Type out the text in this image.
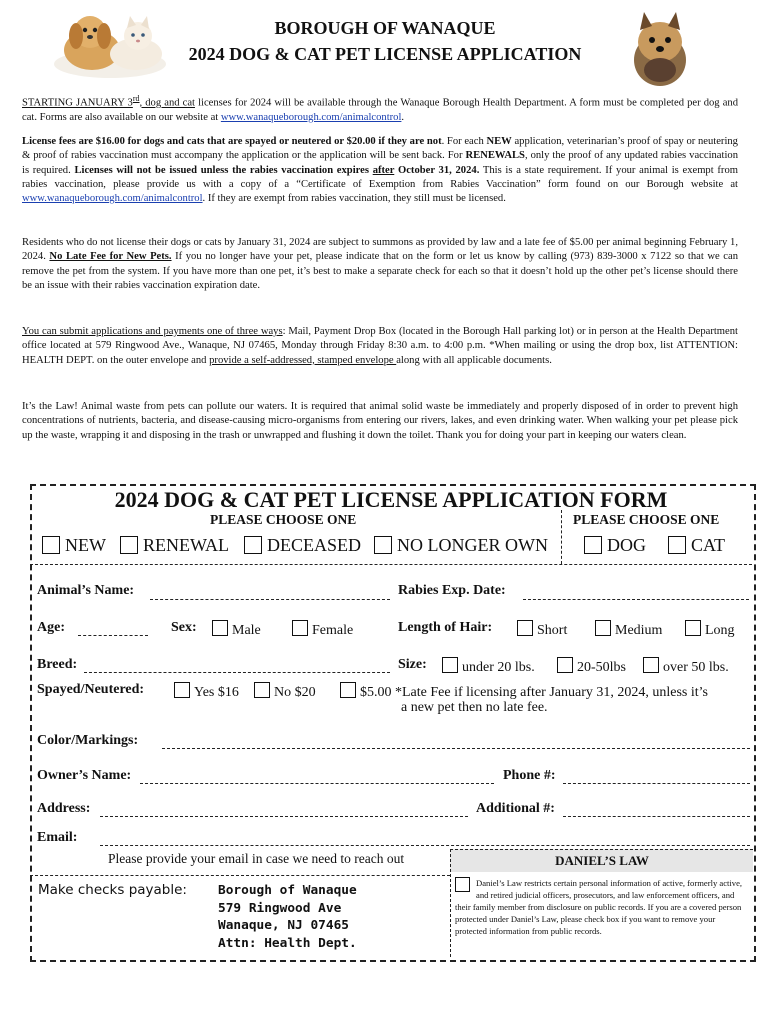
BOROUGH OF WANAQUE
2024 DOG & CAT PET LICENSE APPLICATION
STARTING JANUARY 3rd, dog and cat licenses for 2024 will be available through the Wanaque Borough Health Department. A form must be completed per dog and cat. Forms are also available on our website at www.wanaqueborough.com/animalcontrol.
License fees are $16.00 for dogs and cats that are spayed or neutered or $20.00 if they are not. For each NEW application, veterinarian’s proof of spay or neutering & proof of rabies vaccination must accompany the application or the application will be sent back. For RENEWALS, only the proof of any updated rabies vaccination is required. Licenses will not be issued unless the rabies vaccination expires after October 31, 2024. This is a state requirement. If your animal is exempt from rabies vaccination, please provide us with a copy of a “Certificate of Exemption from Rabies Vaccination” form found on our Borough website at www.wanaqueborough.com/animalcontrol. If they are exempt from rabies vaccination, they still must be licensed.
Residents who do not license their dogs or cats by January 31, 2024 are subject to summons as provided by law and a late fee of $5.00 per animal beginning February 1, 2024. No Late Fee for New Pets. If you no longer have your pet, please indicate that on the form or let us know by calling (973) 839-3000 x 7122 so that we can remove the pet from the system. If you have more than one pet, it’s best to make a separate check for each so that it doesn’t hold up the other pet’s license should there be an issue with their rabies vaccination expiration date.
You can submit applications and payments one of three ways: Mail, Payment Drop Box (located in the Borough Hall parking lot) or in person at the Health Department office located at 579 Ringwood Ave., Wanaque, NJ 07465, Monday through Friday 8:30 a.m. to 4:00 p.m. *When mailing or using the drop box, list ATTENTION: HEALTH DEPT. on the outer envelope and provide a self-addressed, stamped envelope along with all applicable documents.
It’s the Law! Animal waste from pets can pollute our waters. It is required that animal solid waste be immediately and properly disposed of in order to prevent high concentrations of nutrients, bacteria, and disease-causing micro-organisms from entering our rivers, lakes, and even drinking water. When walking your pet please pick up the waste, wrapping it and disposing in the trash or unwrapped and flushing it down the toilet. Thank you for doing your part in keeping our waters clean.
2024 DOG & CAT PET LICENSE APPLICATION FORM
PLEASE CHOOSE ONE	PLEASE CHOOSE ONE
NEW	RENEWAL	DECEASED	NO LONGER OWN	DOG	CAT
Animal’s Name:	Rabies Exp. Date:
Age:	Sex:	Male	Female	Length of Hair:	Short	Medium	Long
Breed:	Size:	under 20 lbs.	20-50lbs	over 50 lbs.
Spayed/Neutered:	Yes $16	No $20	$5.00 *Late Fee if licensing after January 31, 2024, unless it’s
a new pet then no late fee.
Color/Markings:
Owner’s Name:	Phone #:
Address:	Additional #:
Email:
Please provide your email in case we need to reach out
Make checks payable: Borough of Wanaque
579 Ringwood Ave
Wanaque, NJ 07465
Attn: Health Dept.
DANIEL’S LAW
Daniel’s Law restricts certain personal information of active, formerly active, and retired judicial officers, prosecutors, and law enforcement officers, and their family member from disclosure on public records. If you are a covered person protected under Daniel’s Law, please check box if you want to remove your protected information from public records.
